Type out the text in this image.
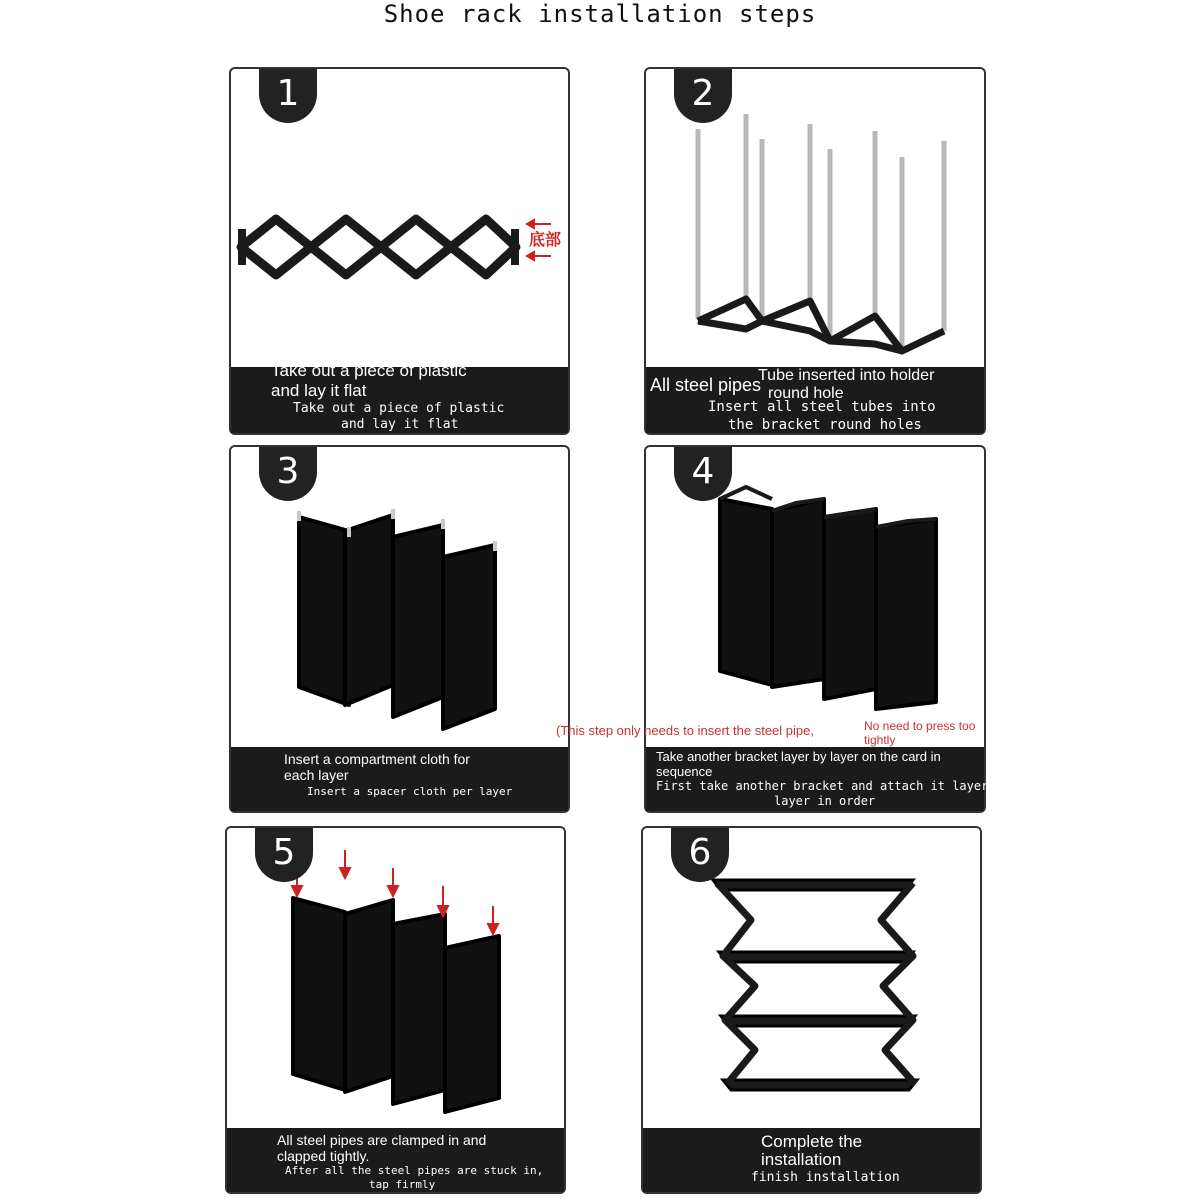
Shoe rack installation steps
底部
1
Take out a piece of plastic
and lay it flat
Take out a piece of plastic
and lay it flat
2
All steel pipes
Tube inserted into holder
round hole
Insert all steel tubes into
the bracket round holes
3
Insert a compartment cloth for
each layer
Insert a spacer cloth per layer
4
(This step only needs to insert the steel pipe,	No need to press too
tightly
Take another bracket layer by layer on the card in
sequence
First take another bracket and attach it layer by
layer in order
5
All steel pipes are clamped in and
clapped tightly.
After all the steel pipes are stuck in,
tap firmly
6
Complete the
installation
finish installation
